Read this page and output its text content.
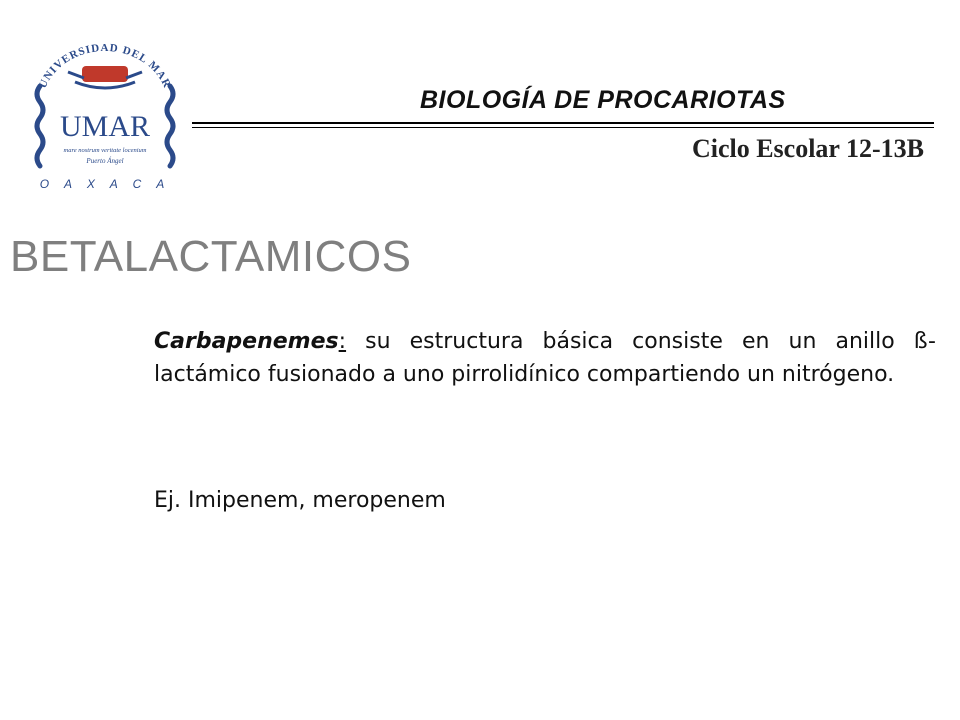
UNIVERSIDAD DEL MAR
UMAR
mare nostrum veritate locenium
Puerto Ángel
O A X A C A
BIOLOGÍA DE PROCARIOTAS
Ciclo Escolar 12-13B
BETALACTAMICOS
Carbapenemes: su estructura básica consiste en un anillo ß-lactámico fusionado a uno pirrolidínico compartiendo un nitrógeno.
Ej. Imipenem, meropenem
